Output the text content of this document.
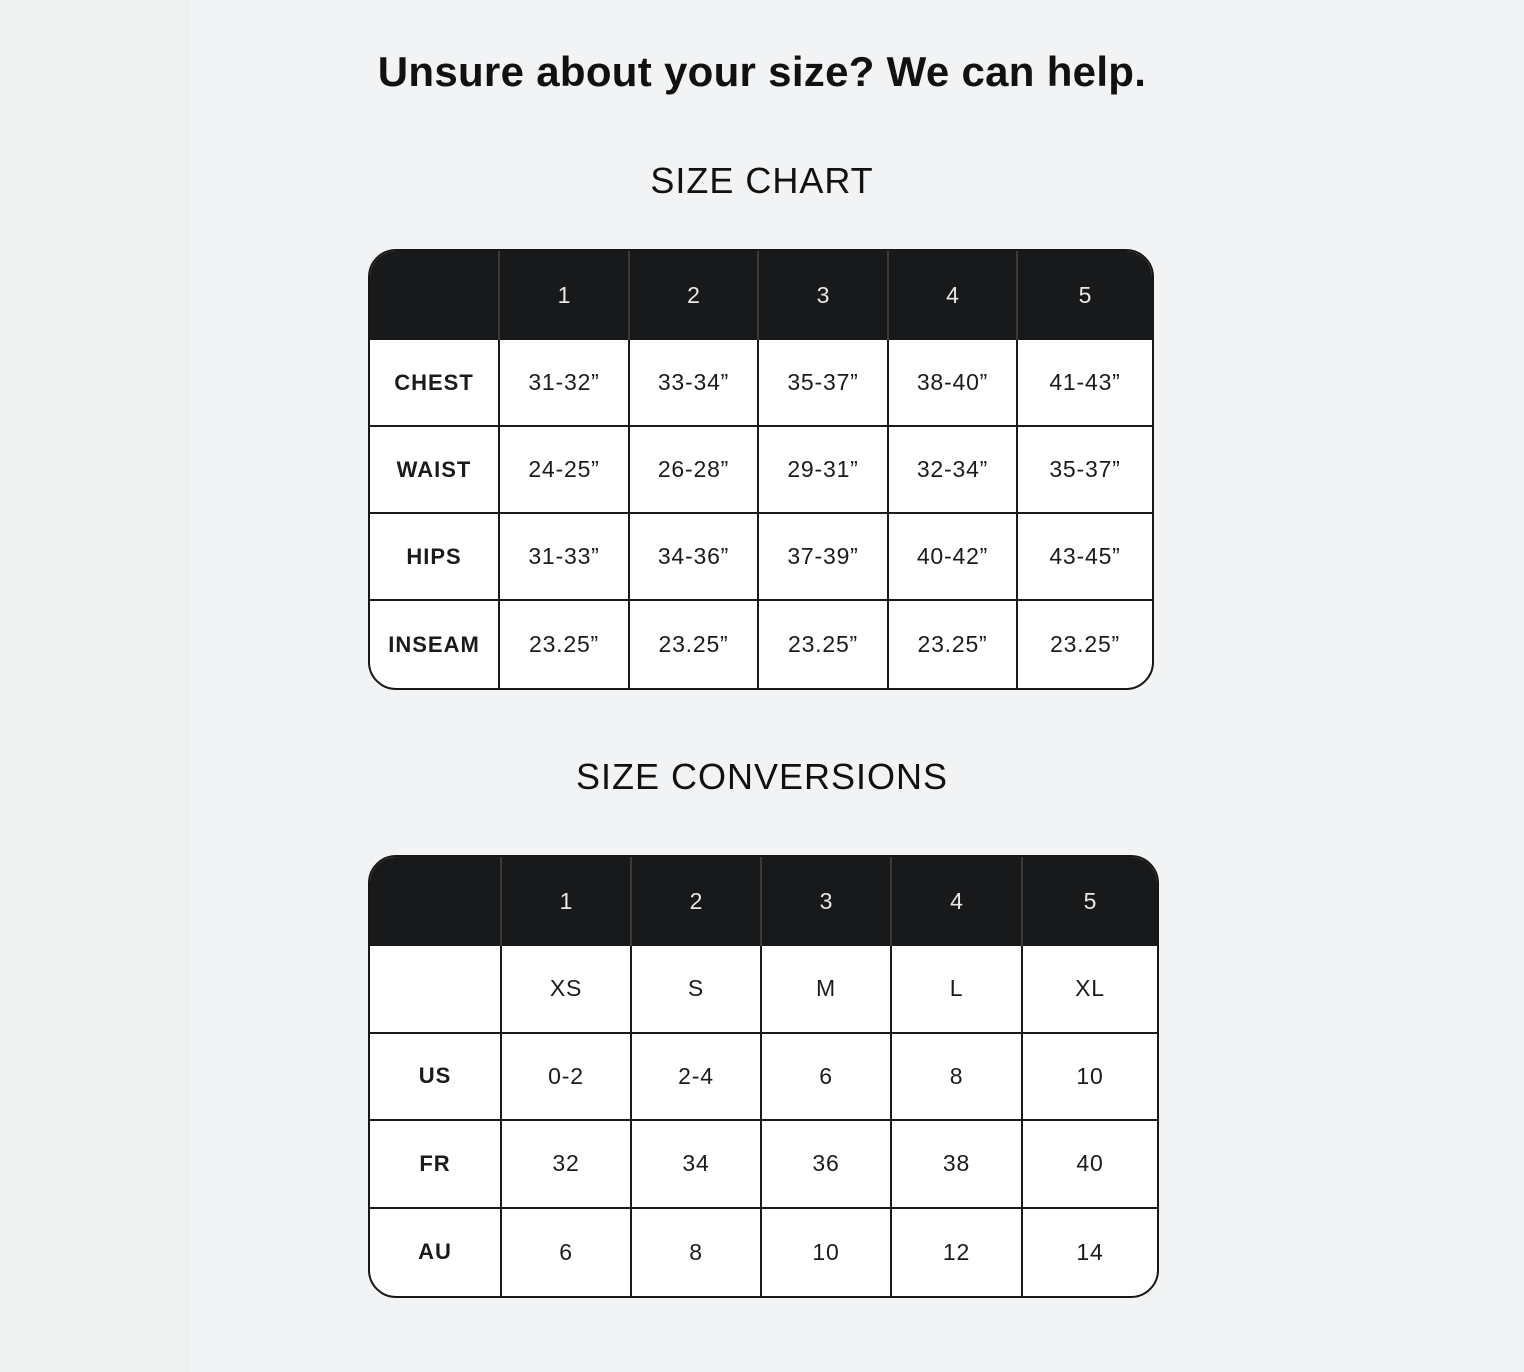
Unsure about your size? We can help.
SIZE CHART
	1	2	3	4	5
CHEST	31-32”	33-34”	35-37”	38-40”	41-43”
WAIST	24-25”	26-28”	29-31”	32-34”	35-37”
HIPS	31-33”	34-36”	37-39”	40-42”	43-45”
INSEAM	23.25”	23.25”	23.25”	23.25”	23.25”
SIZE CONVERSIONS
	1	2	3	4	5
	XS	S	M	L	XL
US	0-2	2-4	6	8	10
FR	32	34	36	38	40
AU	6	8	10	12	14
